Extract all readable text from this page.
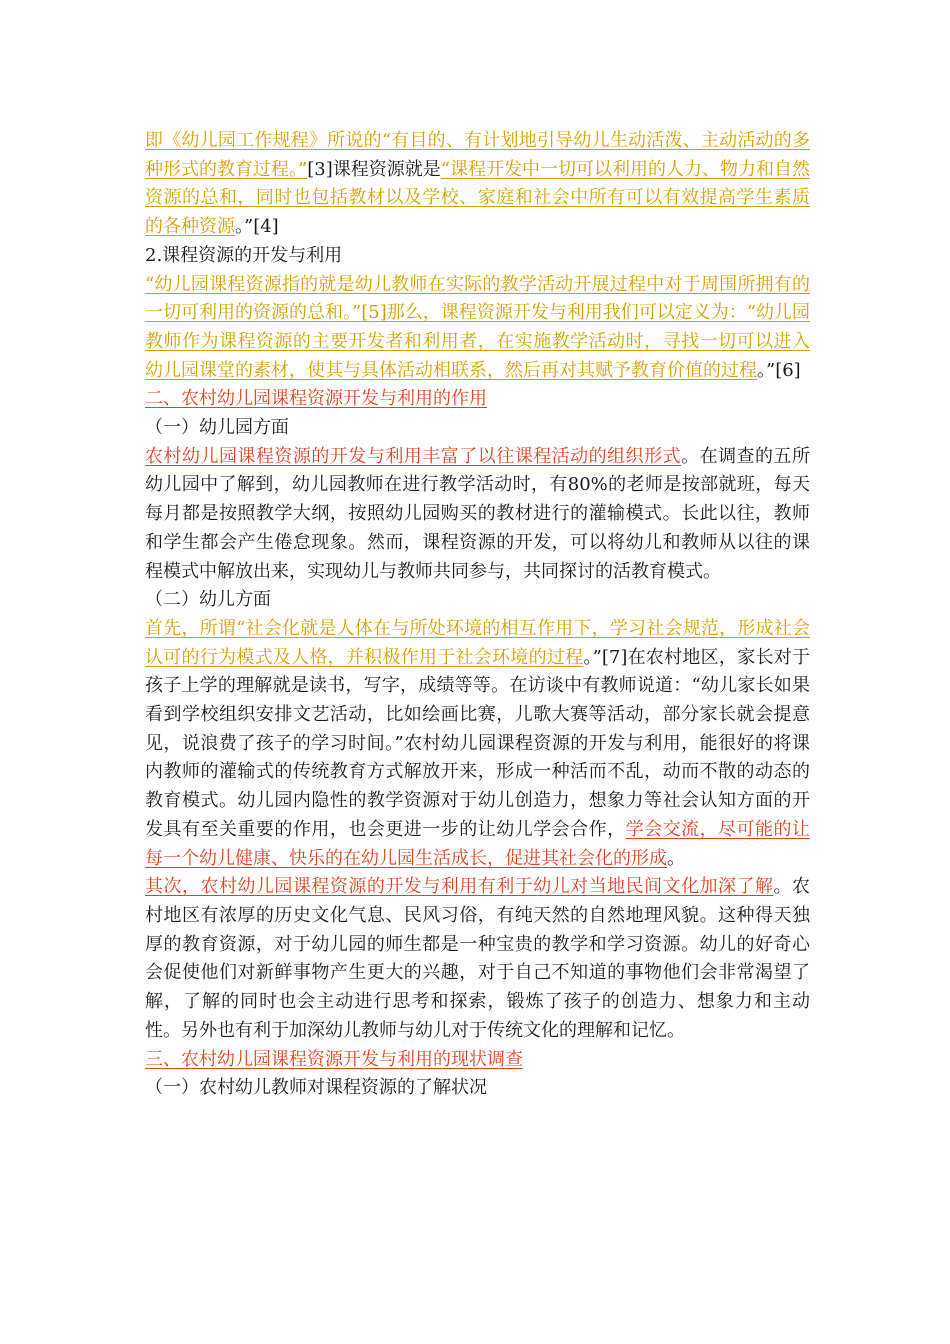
即《幼儿园工作规程》所说的“有目的、有计划地引导幼儿生动活泼、主动活动的多种形式的教育过程。”[3]课程资源就是“课程开发中一切可以利用的人力、物力和自然资源的总和，同时也包括教材以及学校、家庭和社会中所有可以有效提高学生素质的各种资源。”[4]

2.课程资源的开发与利用

“幼儿园课程资源指的就是幼儿教师在实际的教学活动开展过程中对于周围所拥有的一切可利用的资源的总和。”[5]那么，课程资源开发与利用我们可以定义为：“幼儿园教师作为课程资源的主要开发者和利用者，在实施教学活动时，寻找一切可以进入幼儿园课堂的素材，使其与具体活动相联系，然后再对其赋予教育价值的过程。”[6]

二、农村幼儿园课程资源开发与利用的作用

（一）幼儿园方面

农村幼儿园课程资源的开发与利用丰富了以往课程活动的组织形式。在调查的五所幼儿园中了解到，幼儿园教师在进行教学活动时，有80%的老师是按部就班，每天每月都是按照教学大纲，按照幼儿园购买的教材进行的灌输模式。长此以往，教师和学生都会产生倦怠现象。然而，课程资源的开发，可以将幼儿和教师从以往的课程模式中解放出来，实现幼儿与教师共同参与，共同探讨的活教育模式。

（二）幼儿方面

首先，所谓“社会化就是人体在与所处环境的相互作用下，学习社会规范，形成社会认可的行为模式及人格，并积极作用于社会环境的过程。”[7]在农村地区，家长对于孩子上学的理解就是读书，写字，成绩等等。在访谈中有教师说道：“幼儿家长如果看到学校组织安排文艺活动，比如绘画比赛，儿歌大赛等活动，部分家长就会提意见，说浪费了孩子的学习时间。”农村幼儿园课程资源的开发与利用，能很好的将课内教师的灌输式的传统教育方式解放开来，形成一种活而不乱，动而不散的动态的教育模式。幼儿园内隐性的教学资源对于幼儿创造力，想象力等社会认知方面的开发具有至关重要的作用，也会更进一步的让幼儿学会合作，学会交流，尽可能的让每一个幼儿健康、快乐的在幼儿园生活成长，促进其社会化的形成。

其次，农村幼儿园课程资源的开发与利用有利于幼儿对当地民间文化加深了解。农村地区有浓厚的历史文化气息、民风习俗，有纯天然的自然地理风貌。这种得天独厚的教育资源，对于幼儿园的师生都是一种宝贵的教学和学习资源。幼儿的好奇心会促使他们对新鲜事物产生更大的兴趣，对于自己不知道的事物他们会非常渴望了解，了解的同时也会主动进行思考和探索，锻炼了孩子的创造力、想象力和主动性。另外也有利于加深幼儿教师与幼儿对于传统文化的理解和记忆。

三、农村幼儿园课程资源开发与利用的现状调查

（一）农村幼儿教师对课程资源的了解状况
